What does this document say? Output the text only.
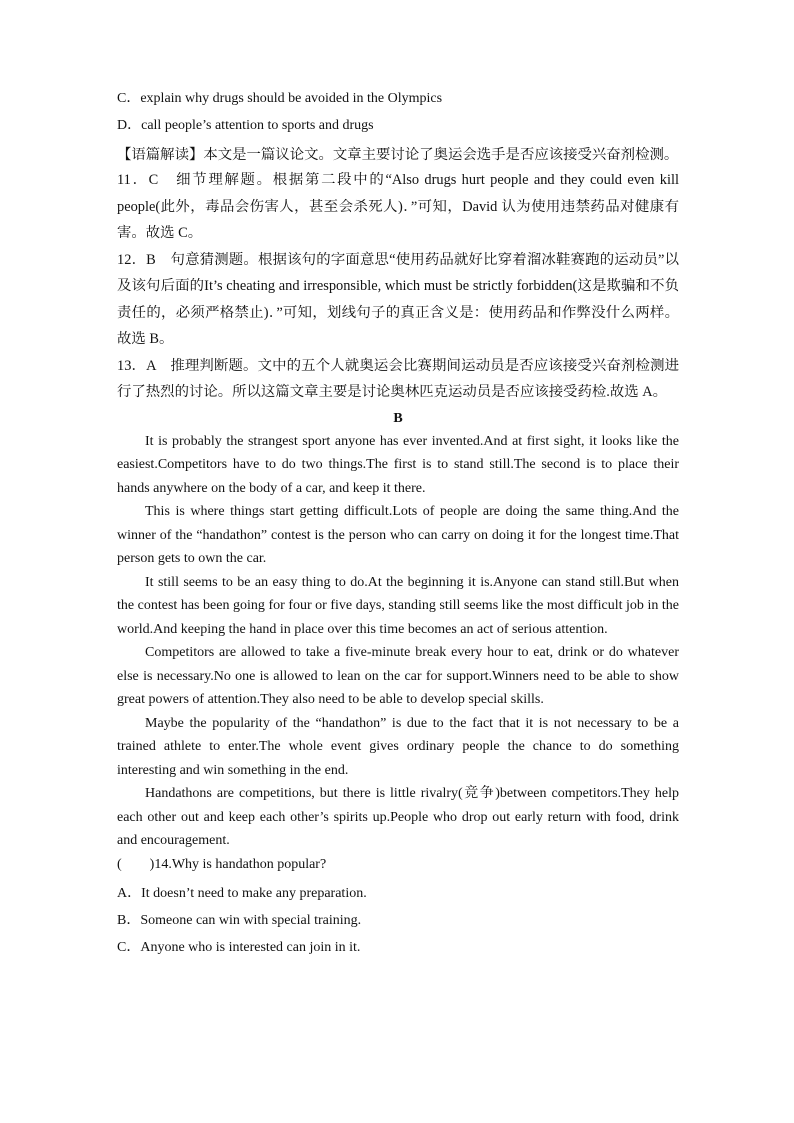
C．explain why drugs should be avoided in the Olympics
D．call people’s attention to sports and drugs
【语篇解读】本文是一篇议论文。文章主要讨论了奥运会选手是否应该接受兴奋剂检测。
11．C　细节理解题。根据第二段中的“Also drugs hurt people and they could even kill people(此外，毒品会伤害人，甚至会杀死人)．”可知，David 认为使用违禁药品对健康有害。故选 C。
12．B　句意猜测题。根据该句的字面意思“使用药品就好比穿着溜冰鞋赛跑的运动员”以及该句后面的It’s cheating and irresponsible, which must be strictly forbidden(这是欺骗和不负责任的，必须严格禁止)．”可知，划线句子的真正含义是：使用药品和作弊没什么两样。故选 B。
13．A　推理判断题。文中的五个人就奥运会比赛期间运动员是否应该接受兴奋剂检测进行了热烈的讨论。所以这篇文章主要是讨论奥林匹克运动员是否应该接受药检.故选 A。
B
It is probably the strangest sport anyone has ever invented.And at first sight, it looks like the easiest.Competitors have to do two things.The first is to stand still.The second is to place their hands anywhere on the body of a car, and keep it there.
This is where things start getting difficult.Lots of people are doing the same thing.And the winner of the “handathon” contest is the person who can carry on doing it for the longest time.That person gets to own the car.
It still seems to be an easy thing to do.At the beginning it is.Anyone can stand still.But when the contest has been going for four or five days, standing still seems like the most difficult job in the world.And keeping the hand in place over this time becomes an act of serious attention.
Competitors are allowed to take a five-minute break every hour to eat, drink or do whatever else is necessary.No one is allowed to lean on the car for support.Winners need to be able to show great powers of attention.They also need to be able to develop special skills.
Maybe the popularity of the “handathon” is due to the fact that it is not necessary to be a trained athlete to enter.The whole event gives ordinary people the chance to do something interesting and win something in the end.
Handathons are competitions, but there is little rivalry(竞争)between competitors.They help each other out and keep each other’s spirits up.People who drop out early return with food, drink and encouragement.
(　　)14.Why is handathon popular?
A．It doesn’t need to make any preparation.
B．Someone can win with special training.
C．Anyone who is interested can join in it.
